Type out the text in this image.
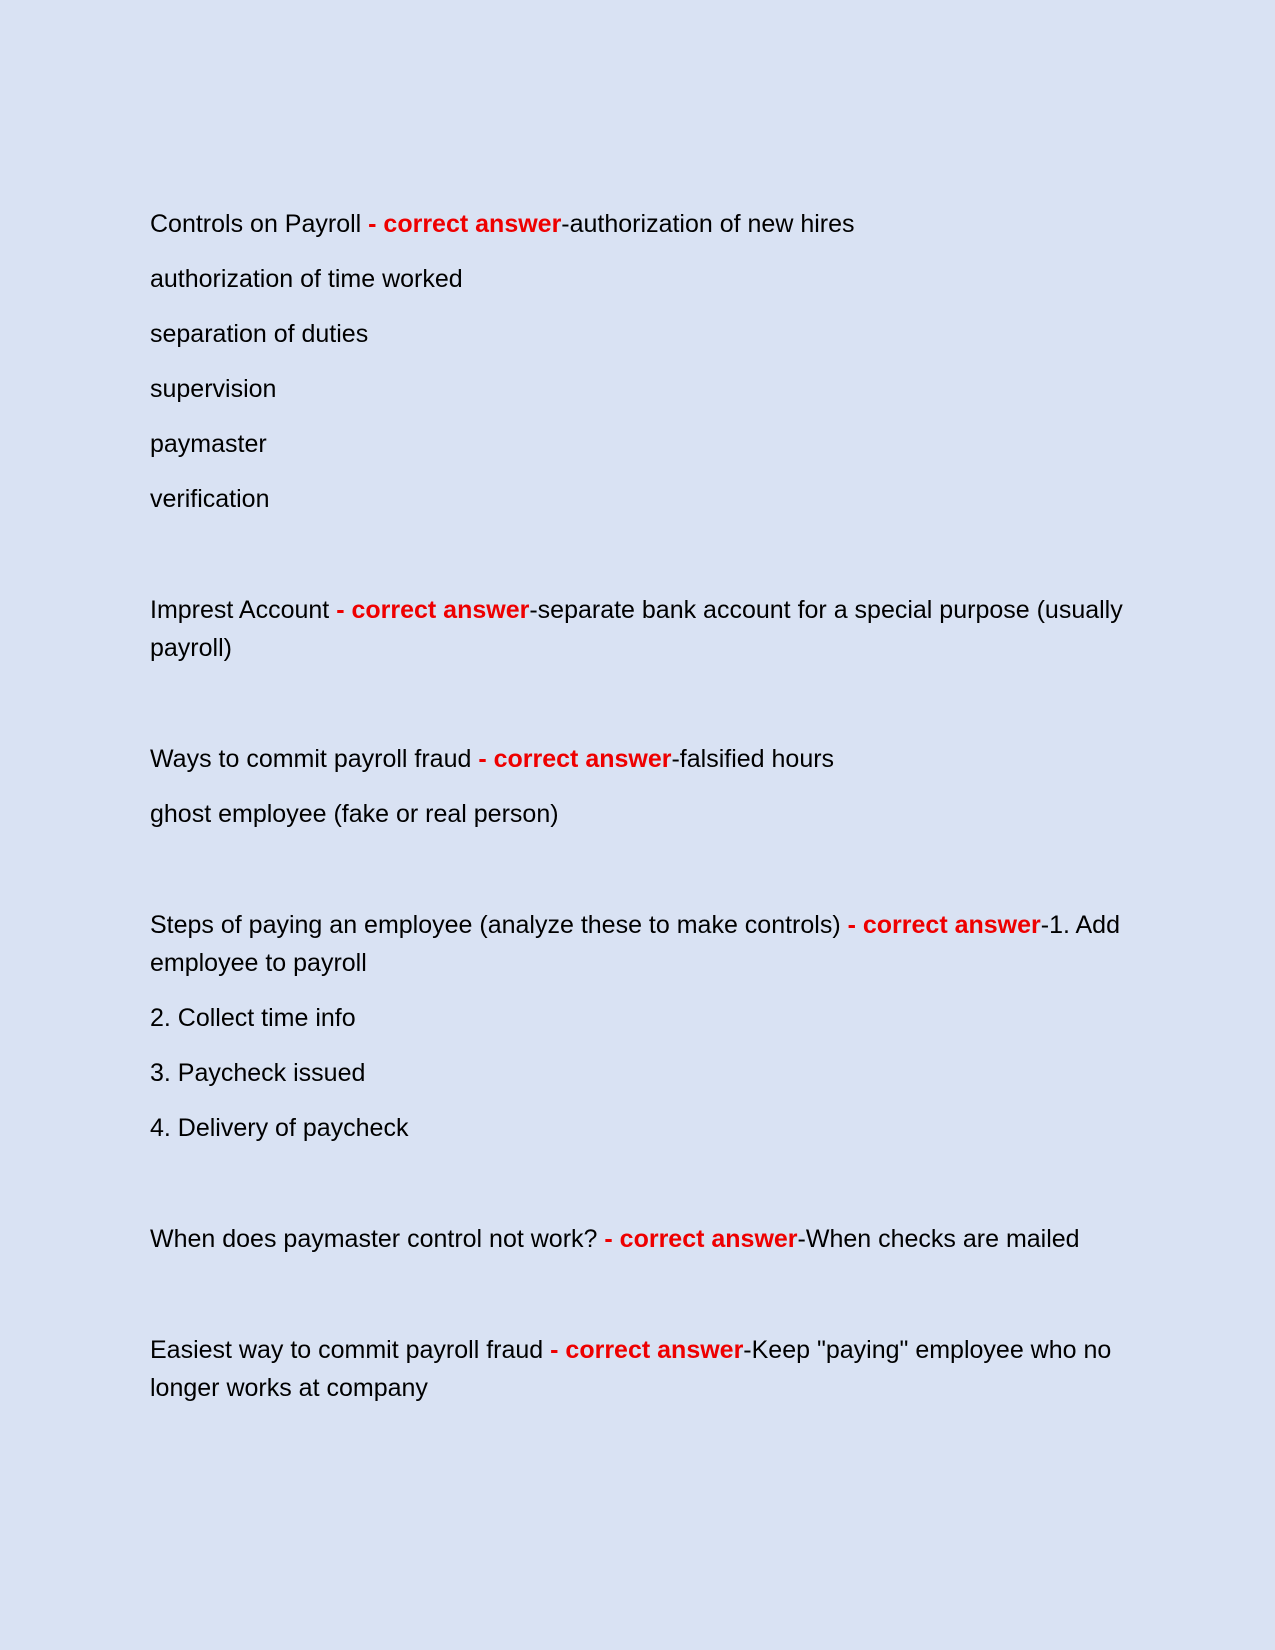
Controls on Payroll - correct answer-authorization of new hires

authorization of time worked

separation of duties

supervision

paymaster

verification

Imprest Account - correct answer-separate bank account for a special purpose (usually payroll)

Ways to commit payroll fraud - correct answer-falsified hours

ghost employee (fake or real person)

Steps of paying an employee (analyze these to make controls) - correct answer-1. Add employee to payroll

2. Collect time info

3. Paycheck issued

4. Delivery of paycheck

When does paymaster control not work? - correct answer-When checks are mailed

Easiest way to commit payroll fraud - correct answer-Keep "paying" employee who no longer works at company
